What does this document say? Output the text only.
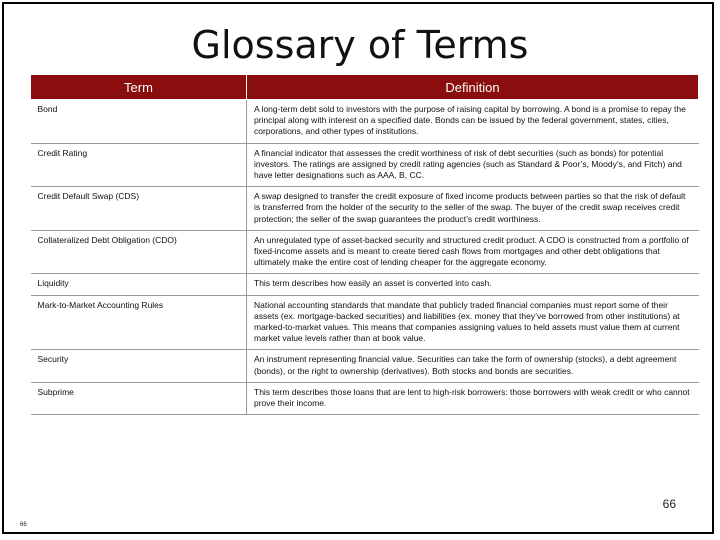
Glossary of Terms
Term	Definition
Bond	A long-term debt sold to investors with the purpose of raising capital by borrowing. A bond is a promise to repay the principal along with interest on a specified date. Bonds can be issued by the federal government, states, cities, corporations, and other types of institutions.
Credit Rating	A financial indicator that assesses the credit worthiness of risk of debt securities (such as bonds) for potential investors. The ratings are assigned by credit rating agencies (such as Standard & Poor’s, Moody’s, and Fitch) and have letter designations such as AAA, B, CC.
Credit Default Swap (CDS)	A swap designed to transfer the credit exposure of fixed income products between parties so that the risk of default is transferred from the holder of the security to the seller of the swap. The buyer of the credit swap receives credit protection; the seller of the swap guarantees the product’s credit worthiness.
Collateralized Debt Obligation (CDO)	An unregulated type of asset-backed security and structured credit product. A CDO is constructed from a portfolio of fixed-income assets and is meant to create tiered cash flows from mortgages and other debt obligations that ultimately make the entire cost of lending cheaper for the aggregate economy.
Liquidity	This term describes how easily an asset is converted into cash.
Mark-to-Market Accounting Rules	National accounting standards that mandate that publicly traded financial companies must report some of their assets (ex. mortgage-backed securities) and liabilities (ex. money that they’ve borrowed from other institutions) at marked-to-market values. This means that companies assigning values to held assets must value them at current market value levels rather than at book value.
Security	An instrument representing financial value. Securities can take the form of ownership (stocks), a debt agreement (bonds), or the right to ownership (derivatives). Both stocks and bonds are securities.
Subprime	This term describes those loans that are lent to high-risk borrowers: those borrowers with weak credit or who cannot prove their income.
66
66
